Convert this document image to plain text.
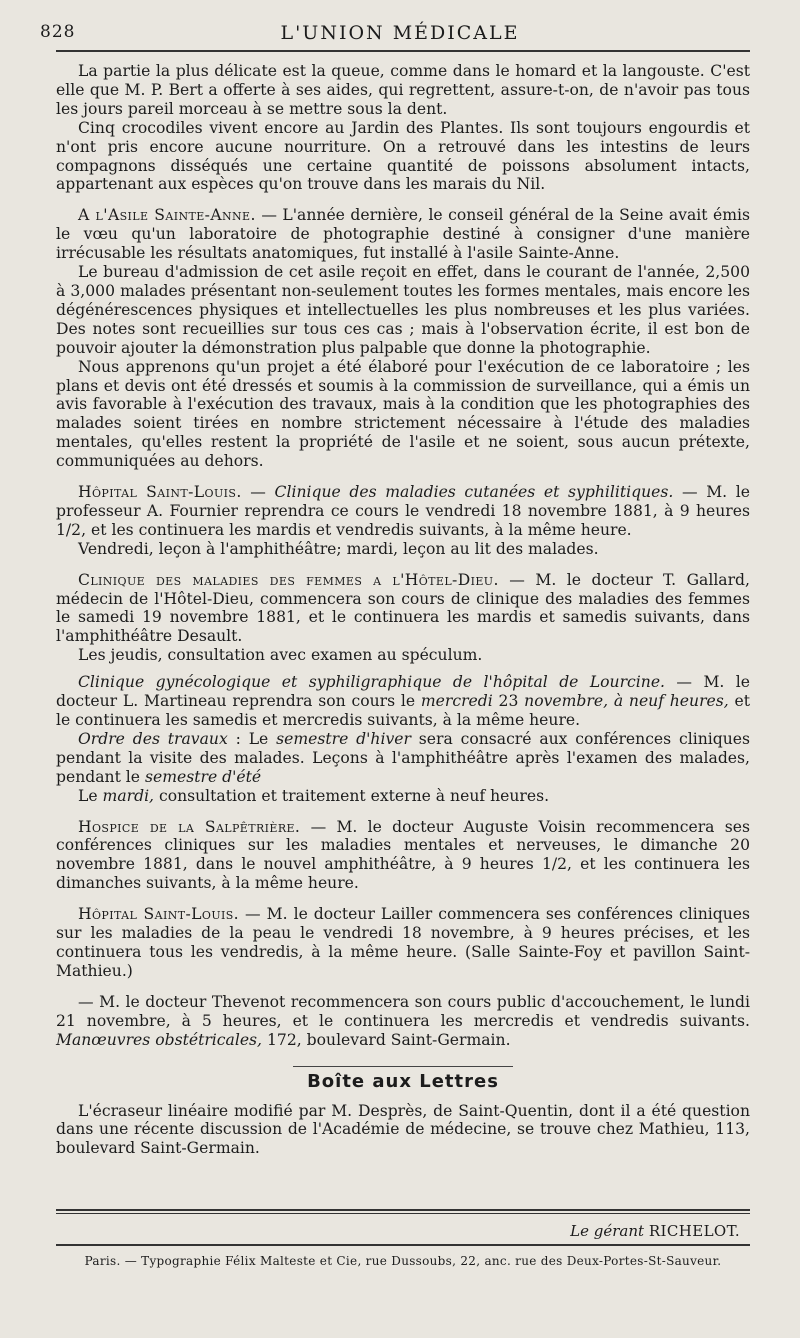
828	L'UNION MÉDICALE

La partie la plus délicate est la queue, comme dans le homard et la langouste. C'est elle que M. P. Bert a offerte à ses aides, qui regrettent, assure-t-on, de n'avoir pas tous les jours pareil morceau à se mettre sous la dent.

Cinq crocodiles vivent encore au Jardin des Plantes. Ils sont toujours engourdis et n'ont pris encore aucune nourriture. On a retrouvé dans les intestins de leurs compagnons disséqués une certaine quantité de poissons absolument intacts, appartenant aux espèces qu'on trouve dans les marais du Nil.

A l'Asile Sainte-Anne. — L'année dernière, le conseil général de la Seine avait émis le vœu qu'un laboratoire de photographie destiné à consigner d'une manière irrécusable les résultats anatomiques, fut installé à l'asile Sainte-Anne.

Le bureau d'admission de cet asile reçoit en effet, dans le courant de l'année, 2,500 à 3,000 malades présentant non-seulement toutes les formes mentales, mais encore les dégénérescences physiques et intellectuelles les plus nombreuses et les plus variées. Des notes sont recueillies sur tous ces cas ; mais à l'observation écrite, il est bon de pouvoir ajouter la démonstration plus palpable que donne la photographie.

Nous apprenons qu'un projet a été élaboré pour l'exécution de ce laboratoire ; les plans et devis ont été dressés et soumis à la commission de surveillance, qui a émis un avis favorable à l'exécution des travaux, mais à la condition que les photographies des malades soient tirées en nombre strictement nécessaire à l'étude des maladies mentales, qu'elles restent la propriété de l'asile et ne soient, sous aucun prétexte, communiquées au dehors.

Hôpital Saint-Louis. — Clinique des maladies cutanées et syphilitiques. — M. le professeur A. Fournier reprendra ce cours le vendredi 18 novembre 1881, à 9 heures 1/2, et les continuera les mardis et vendredis suivants, à la même heure.

Vendredi, leçon à l'amphithéâtre; mardi, leçon au lit des malades.

Clinique des maladies des femmes a l'Hôtel-Dieu. — M. le docteur T. Gallard, médecin de l'Hôtel-Dieu, commencera son cours de clinique des maladies des femmes le samedi 19 novembre 1881, et le continuera les mardis et samedis suivants, dans l'amphithéâtre Desault.

Les jeudis, consultation avec examen au spéculum.

Clinique gynécologique et syphiligraphique de l'hôpital de Lourcine. — M. le docteur L. Martineau reprendra son cours le mercredi 23 novembre, à neuf heures, et le continuera les samedis et mercredis suivants, à la même heure.

Ordre des travaux : Le semestre d'hiver sera consacré aux conférences cliniques pendant la visite des malades. Leçons à l'amphithéâtre après l'examen des malades, pendant le semestre d'été

Le mardi, consultation et traitement externe à neuf heures.

Hospice de la Salpêtrière. — M. le docteur Auguste Voisin recommencera ses conférences cliniques sur les maladies mentales et nerveuses, le dimanche 20 novembre 1881, dans le nouvel amphithéâtre, à 9 heures 1/2, et les continuera les dimanches suivants, à la même heure.

Hôpital Saint-Louis. — M. le docteur Lailler commencera ses conférences cliniques sur les maladies de la peau le vendredi 18 novembre, à 9 heures précises, et les continuera tous les vendredis, à la même heure. (Salle Sainte-Foy et pavillon Saint-Mathieu.)

— M. le docteur Thevenot recommencera son cours public d'accouchement, le lundi 21 novembre, à 5 heures, et le continuera les mercredis et vendredis suivants. Manœuvres obstétricales, 172, boulevard Saint-Germain.

Boîte aux Lettres

L'écraseur linéaire modifié par M. Desprès, de Saint-Quentin, dont il a été question dans une récente discussion de l'Académie de médecine, se trouve chez Mathieu, 113, boulevard Saint-Germain.

Le gérant RICHELOT.
Paris. — Typographie Félix Malteste et Cie, rue Dussoubs, 22, anc. rue des Deux-Portes-St-Sauveur.
